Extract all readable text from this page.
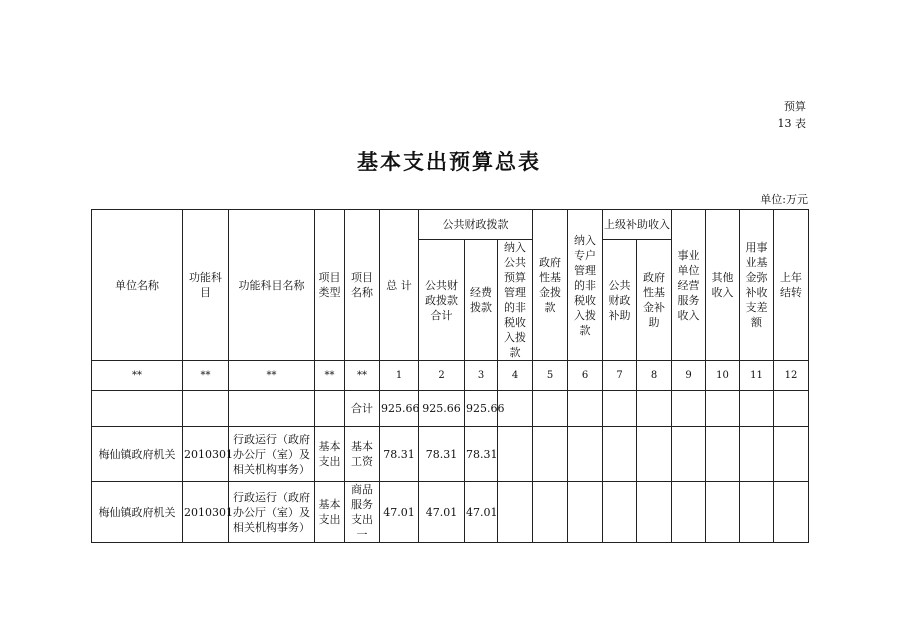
预算
13 表
基本支出预算总表
单位:万元
单位名称	功能科目	功能科目名称	项目类型	项目名称	总 计	公共财政拨款			政府性基金拨款	纳入专户管理的非税收入拨款	上级补助收入		事业单位经营服务收入	其他收入	用事业基金弥补收支差额	上年结转
						公共财政拨款合计	经费拨款	纳入公共预算管理的非税收入拨款			公共财政补助	政府性基金补助				
**	**	**	**	**	1	2	3	4	5	6	7	8	9	10	11	12
				合计	925.66	925.66	925.66									
梅仙镇政府机关	2010301	行政运行（政府办公厅（室）及相关机构事务）	基本支出	基本工资	78.31	78.31	78.31									
梅仙镇政府机关	2010301	行政运行（政府办公厅（室）及相关机构事务）	基本支出	商品服务支出一	47.01	47.01	47.01									
